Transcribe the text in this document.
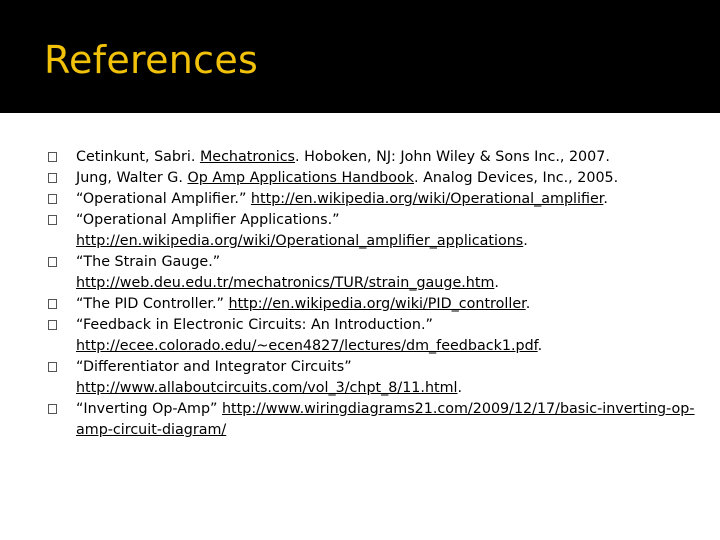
References
Cetinkunt, Sabri. Mechatronics. Hoboken, NJ: John Wiley & Sons Inc., 2007.
Jung, Walter G. Op Amp Applications Handbook. Analog Devices, Inc., 2005.
“Operational Amplifier.” http://en.wikipedia.org/wiki/Operational_amplifier.
“Operational Amplifier Applications.”
http://en.wikipedia.org/wiki/Operational_amplifier_applications.
“The Strain Gauge.”
http://web.deu.edu.tr/mechatronics/TUR/strain_gauge.htm.
“The PID Controller.” http://en.wikipedia.org/wiki/PID_controller.
“Feedback in Electronic Circuits: An Introduction.”
http://ecee.colorado.edu/~ecen4827/lectures/dm_feedback1.pdf.
“Differentiator and Integrator Circuits”
http://www.allaboutcircuits.com/vol_3/chpt_8/11.html.
“Inverting Op-Amp” http://www.wiringdiagrams21.com/2009/12/17/basic-inverting-op-amp-circuit-diagram/
